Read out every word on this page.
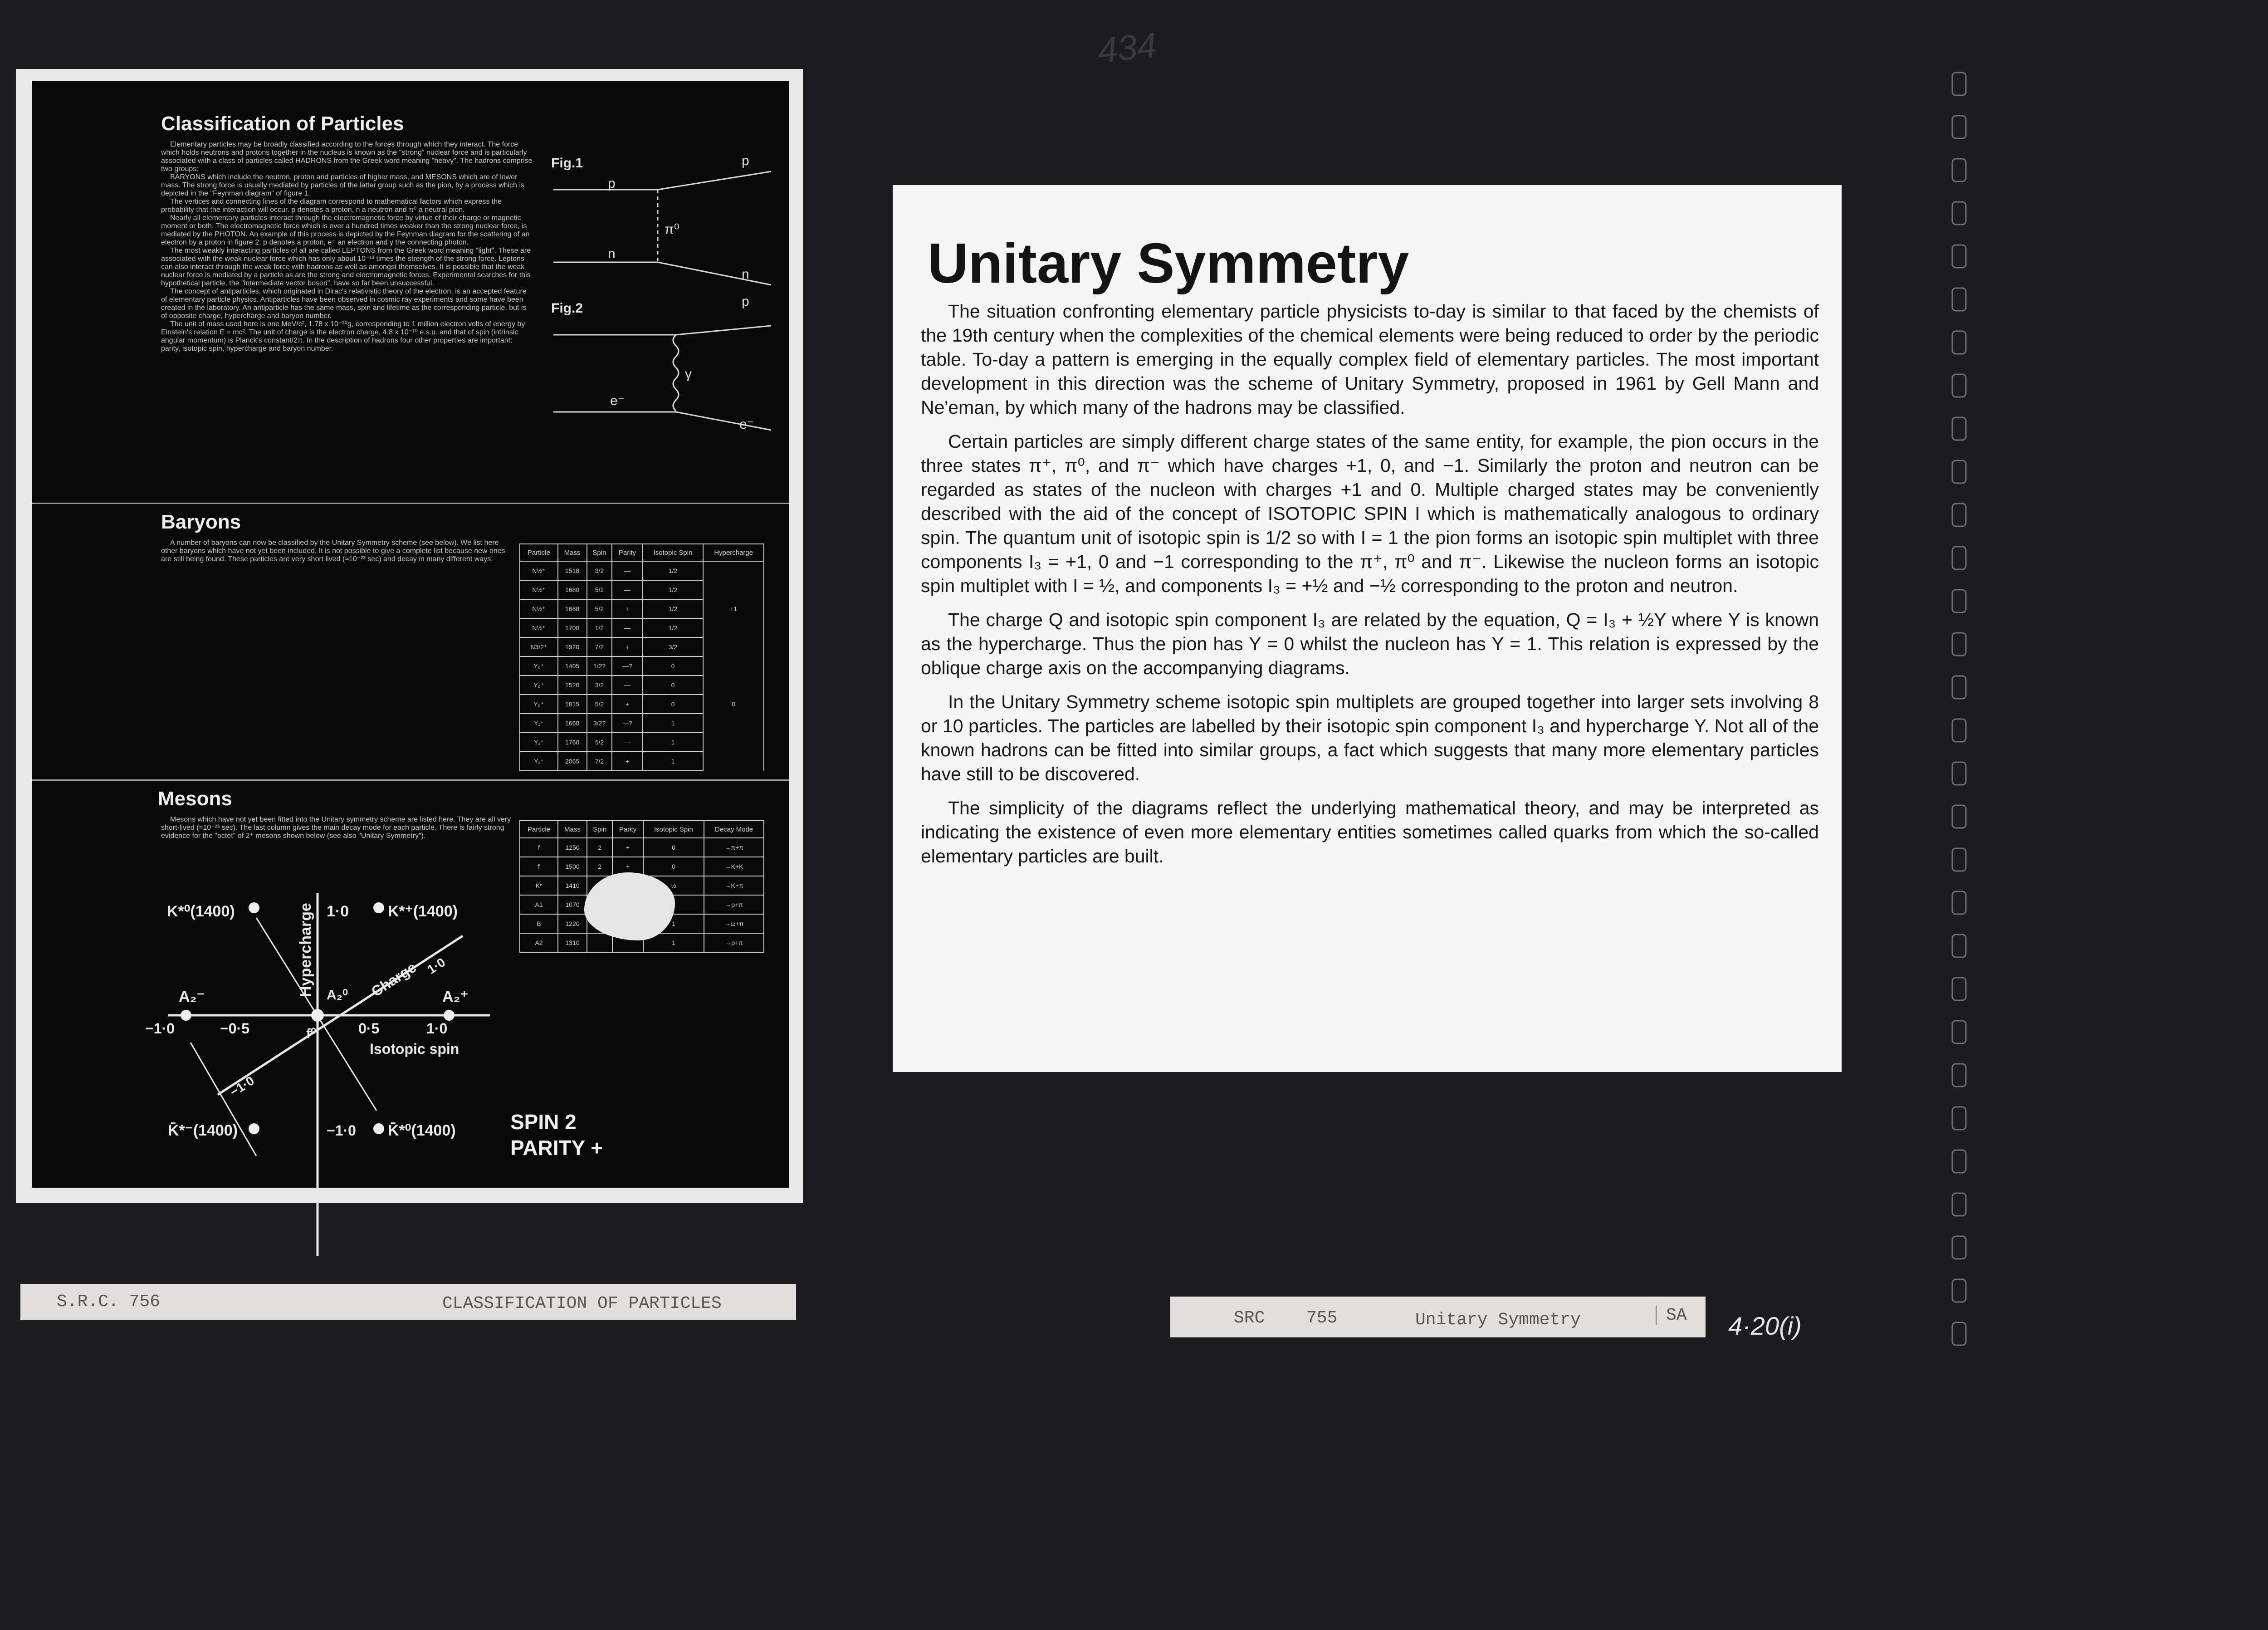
434
Classification of Particles
Elementary particles may be broadly classified according to the forces through which they interact. The force which holds neutrons and protons together in the nucleus is known as the "strong" nuclear force and is particularly associated with a class of particles called HADRONS from the Greek word meaning "heavy". The hadrons comprise two groups:
BARYONS which include the neutron, proton and particles of higher mass, and MESONS which are of lower mass. The strong force is usually mediated by particles of the latter group such as the pion, by a process which is depicted in the "Feynman diagram" of figure 1.
The vertices and connecting lines of the diagram correspond to mathematical factors which express the probability that the interaction will occur. p denotes a proton, n a neutron and π⁰ a neutral pion.
Nearly all elementary particles interact through the electromagnetic force by virtue of their charge or magnetic moment or both. The electromagnetic force which is over a hundred times weaker than the strong nuclear force, is mediated by the PHOTON. An example of this process is depicted by the Feynman diagram for the scattering of an electron by a proton in figure 2. p denotes a proton, e⁻ an electron and γ the connecting photon.
The most weakly interacting particles of all are called LEPTONS from the Greek word meaning "light". These are associated with the weak nuclear force which has only about 10⁻¹³ times the strength of the strong force. Leptons can also interact through the weak force with hadrons as well as amongst themselves. It is possible that the weak nuclear force is mediated by a particle as are the strong and electromagnetic forces. Experimental searches for this hypothetical particle, the "intermediate vector boson", have so far been unsuccessful.
The concept of antiparticles, which originated in Dirac's relativistic theory of the electron, is an accepted feature of elementary particle physics. Antiparticles have been observed in cosmic ray experiments and some have been created in the laboratory. An antiparticle has the same mass, spin and lifetime as the corresponding particle, but is of opposite charge, hypercharge and baryon number.
The unit of mass used here is one MeV/c², 1.78 x 10⁻³⁰g, corresponding to 1 million electron volts of energy by Einstein's relation E = mc². The unit of charge is the electron charge, 4.8 x 10⁻¹⁰ e.s.u. and that of spin (intrinsic angular momentum) is Planck's constant/2π. In the description of hadrons four other properties are important: parity, isotopic spin, hypercharge and baryon number.
Fig.1
p
p
π⁰
n
n
Fig.2	p
γ
e⁻
e⁻
Baryons
A number of baryons can now be classified by the Unitary Symmetry scheme (see below). We list here other baryons which have not yet been included. It is not possible to give a complete list because new ones are still being found. These particles are very short lived (≈10⁻²³ sec) and decay in many different ways.
Particle	Mass	Spin	Parity	Isotopic Spin	Hypercharge
N½⁺	1518	3/2	—	1/2	
N½⁺	1680	5/2	—	1/2	
N½⁺	1688	5/2	+	1/2	+1
N½⁺	1700	1/2	—	1/2	
N3/2⁺	1920	7/2	+	3/2	
Y₀⁺	1405	1/2?	—?	0	
Y₀⁺	1520	3/2	—	0	
Y₀⁺	1815	5/2	+	0	0
Y₁⁺	1660	3/2?	—?	1	
Y₁⁺	1760	5/2	—	1	
Y₁⁺	2065	7/2	+	1	
Mesons
Mesons which have not yet been fitted into the Unitary symmetry scheme are listed here. They are all very short-lived (≈10⁻²³ sec). The last column gives the main decay mode for each particle. There is fairly strong evidence for the "octet" of 2⁺ mesons shown below (see also "Unitary Symmetry").
Particle	Mass	Spin	Parity	Isotopic Spin	Decay Mode
f	1250	2	+	0	→π+π
f'	1500	2	+	0	→K+K
K*	1410			½	→K+π
A1	1070				→ρ+π
B	1220			1	→ω+π
A2	1310			1	→ρ+π
K*⁰(1400)	K*⁺(1400)
1·0
A₂⁻	A₂⁺
A₂⁰
f⁰
−1·0	−0·5	0·5	1·0
Isotopic spin
Hypercharge	Charge 1·0
−1·0
K̄*⁻(1400)	−1·0 K̄*⁰(1400)	SPIN 2
PARITY +
S.R.C. 756	CLASSIFICATION OF PARTICLES
Unitary Symmetry

The situation confronting elementary particle physicists to-day is similar to that faced by the chemists of the 19th century when the complexities of the chemical elements were being reduced to order by the periodic table. To-day a pattern is emerging in the equally complex field of elementary particles. The most important development in this direction was the scheme of Unitary Symmetry, proposed in 1961 by Gell Mann and Ne'eman, by which many of the hadrons may be classified.

Certain particles are simply different charge states of the same entity, for example, the pion occurs in the three states π⁺, π⁰, and π⁻ which have charges +1, 0, and −1. Similarly the proton and neutron can be regarded as states of the nucleon with charges +1 and 0. Multiple charged states may be conveniently described with the aid of the concept of ISOTOPIC SPIN I which is mathematically analogous to ordinary spin. The quantum unit of isotopic spin is 1/2 so with I = 1 the pion forms an isotopic spin multiplet with three components I₃ = +1, 0 and −1 corresponding to the π⁺, π⁰ and π⁻. Likewise the nucleon forms an isotopic spin multiplet with I = ½, and components I₃ = +½ and −½ corresponding to the proton and neutron.

The charge Q and isotopic spin component I₃ are related by the equation, Q = I₃ + ½Y where Y is known as the hypercharge. Thus the pion has Y = 0 whilst the nucleon has Y = 1. This relation is expressed by the oblique charge axis on the accompanying diagrams.

In the Unitary Symmetry scheme isotopic spin multiplets are grouped together into larger sets involving 8 or 10 particles. The particles are labelled by their isotopic spin component I₃ and hypercharge Y. Not all of the known hadrons can be fitted into similar groups, a fact which suggests that many more elementary particles have still to be discovered.

The simplicity of the diagrams reflect the underlying mathematical theory, and may be interpreted as indicating the existence of even more elementary entities sometimes called quarks from which the so-called elementary particles are built.

SRC 755	Unitary Symmetry	SA 4·20(i)
